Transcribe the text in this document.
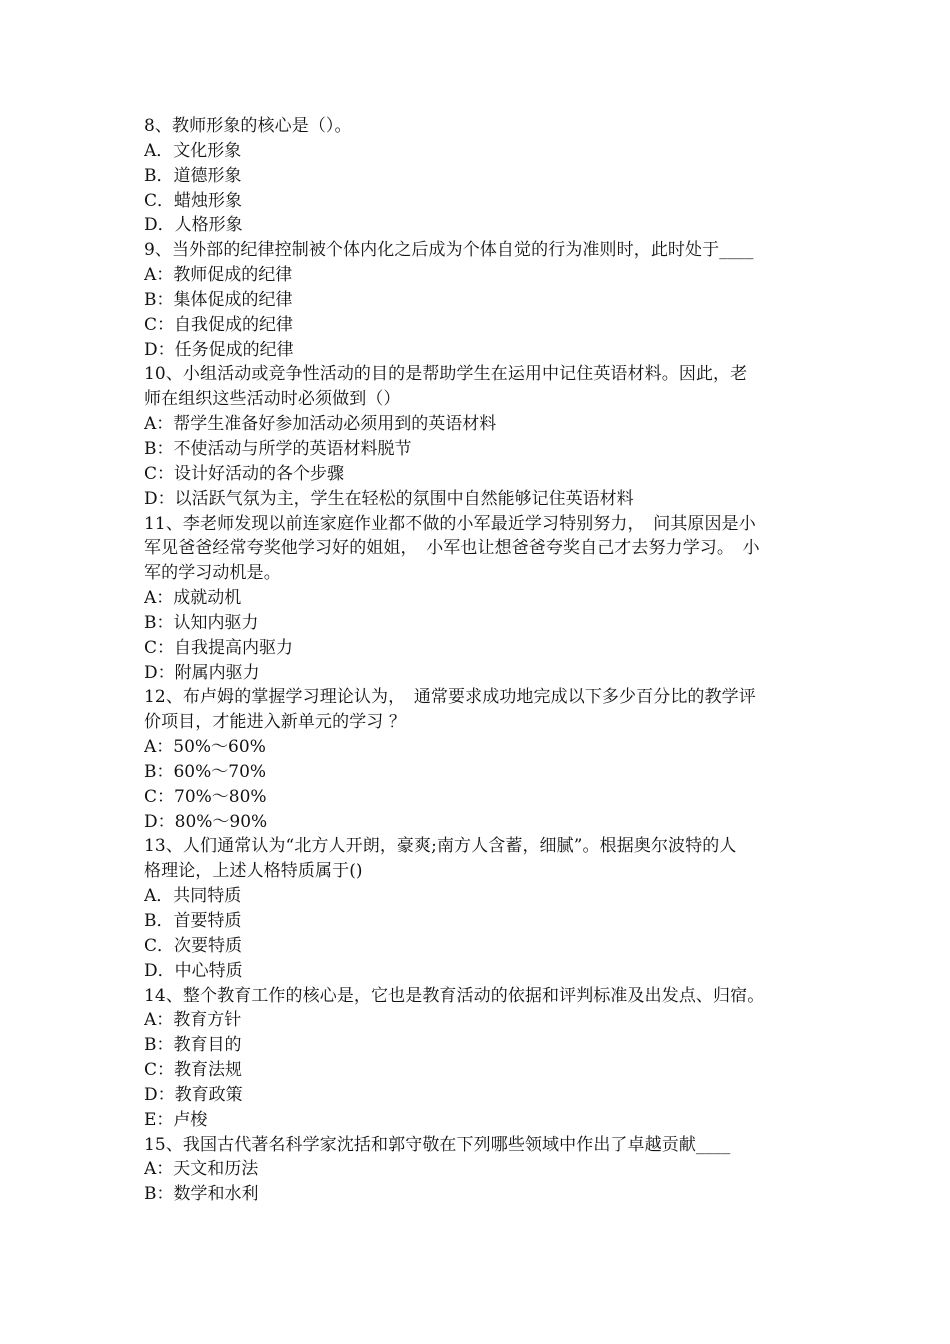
8、教师形象的核心是（）。
A．文化形象
B．道德形象
C．蜡烛形象
D．人格形象
9、当外部的纪律控制被个体内化之后成为个体自觉的行为准则时，此时处于____
A：教师促成的纪律
B：集体促成的纪律
C：自我促成的纪律
D：任务促成的纪律
10、小组活动或竞争性活动的目的是帮助学生在运用中记住英语材料。因此，老
师在组织这些活动时必须做到（）
A：帮学生准备好参加活动必须用到的英语材料
B：不使活动与所学的英语材料脱节
C：设计好活动的各个步骤
D：以活跃气氛为主，学生在轻松的氛围中自然能够记住英语材料
11、李老师发现以前连家庭作业都不做的小军最近学习特别努力，　问其原因是小
军见爸爸经常夸奖他学习好的姐姐，　小军也让想爸爸夸奖自己才去努力学习。　小
军的学习动机是。
A：成就动机
B：认知内驱力
C：自我提高内驱力
D：附属内驱力
12、布卢姆的掌握学习理论认为，　通常要求成功地完成以下多少百分比的教学评
价项目，才能进入新单元的学习 ？
A：50%～60%
B：60%～70%
C：70%～80%
D：80%～90%
13、人们通常认为“北方人开朗，豪爽;南方人含蓄，细腻”。根据奥尔波特的人
格理论，上述人格特质属于()
A．共同特质
B．首要特质
C．次要特质
D．中心特质
14、整个教育工作的核心是，它也是教育活动的依据和评判标准及出发点、归宿。
A：教育方针
B：教育目的
C：教育法规
D：教育政策
E：卢梭
15、我国古代著名科学家沈括和郭守敬在下列哪些领域中作出了卓越贡献____
A：天文和历法
B：数学和水利
